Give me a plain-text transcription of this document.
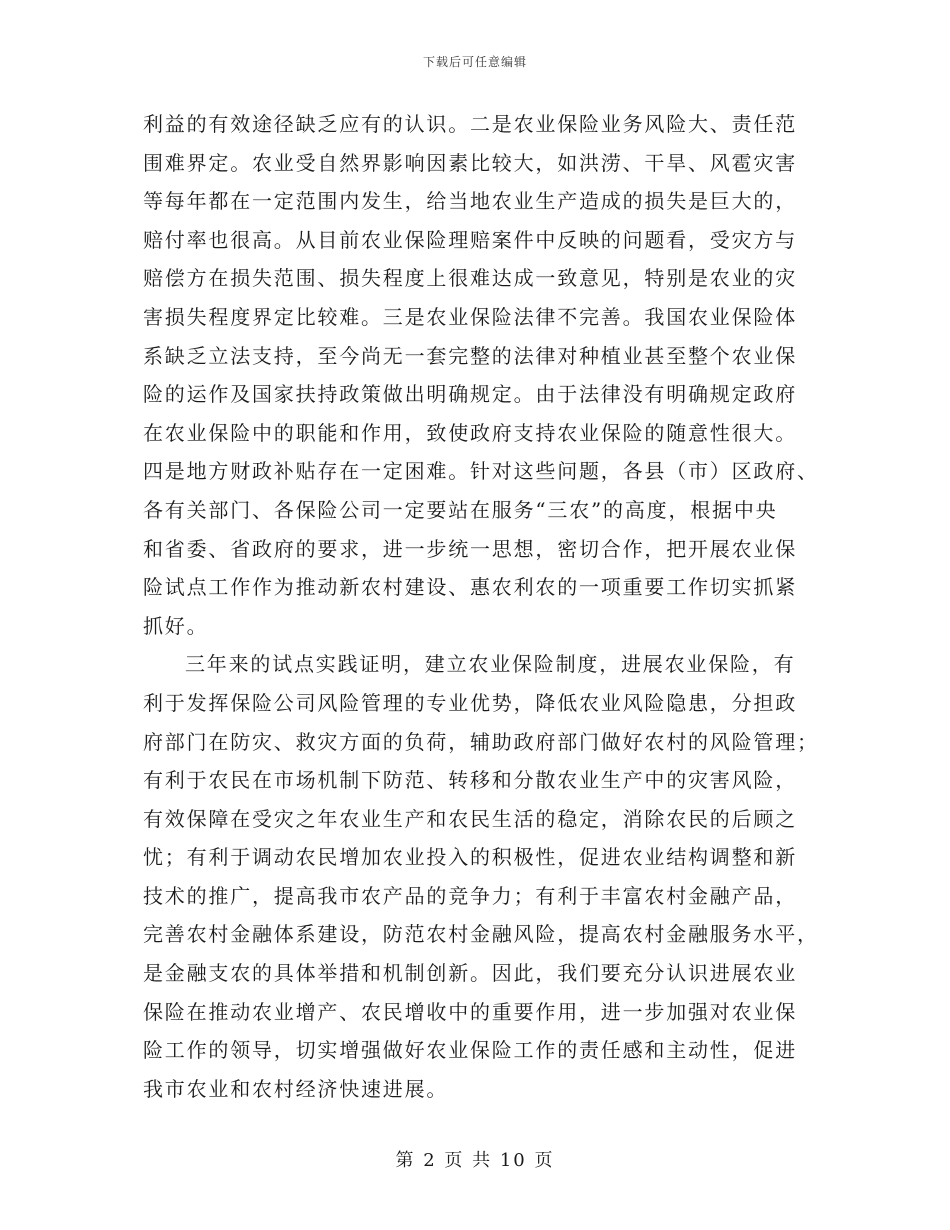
下载后可任意编辑
利益的有效途径缺乏应有的认识。二是农业保险业务风险大、责任范
围难界定。农业受自然界影响因素比较大，如洪涝、干旱、风雹灾害
等每年都在一定范围内发生，给当地农业生产造成的损失是巨大的，
赔付率也很高。从目前农业保险理赔案件中反映的问题看，受灾方与
赔偿方在损失范围、损失程度上很难达成一致意见，特别是农业的灾
害损失程度界定比较难。三是农业保险法律不完善。我国农业保险体
系缺乏立法支持，至今尚无一套完整的法律对种植业甚至整个农业保
险的运作及国家扶持政策做出明确规定。由于法律没有明确规定政府
在农业保险中的职能和作用，致使政府支持农业保险的随意性很大。
四是地方财政补贴存在一定困难。针对这些问题，各县（市）区政府、
各有关部门、各保险公司一定要站在服务“三农”的高度，根据中央
和省委、省政府的要求，进一步统一思想，密切合作，把开展农业保
险试点工作作为推动新农村建设、惠农利农的一项重要工作切实抓紧
抓好。
三年来的试点实践证明，建立农业保险制度，进展农业保险，有
利于发挥保险公司风险管理的专业优势，降低农业风险隐患，分担政
府部门在防灾、救灾方面的负荷，辅助政府部门做好农村的风险管理；
有利于农民在市场机制下防范、转移和分散农业生产中的灾害风险，
有效保障在受灾之年农业生产和农民生活的稳定，消除农民的后顾之
忧；有利于调动农民增加农业投入的积极性，促进农业结构调整和新
技术的推广，提高我市农产品的竞争力；有利于丰富农村金融产品，
完善农村金融体系建设，防范农村金融风险，提高农村金融服务水平，
是金融支农的具体举措和机制创新。因此，我们要充分认识进展农业
保险在推动农业增产、农民增收中的重要作用，进一步加强对农业保
险工作的领导，切实增强做好农业保险工作的责任感和主动性，促进
我市农业和农村经济快速进展。
第 2 页 共 10 页
